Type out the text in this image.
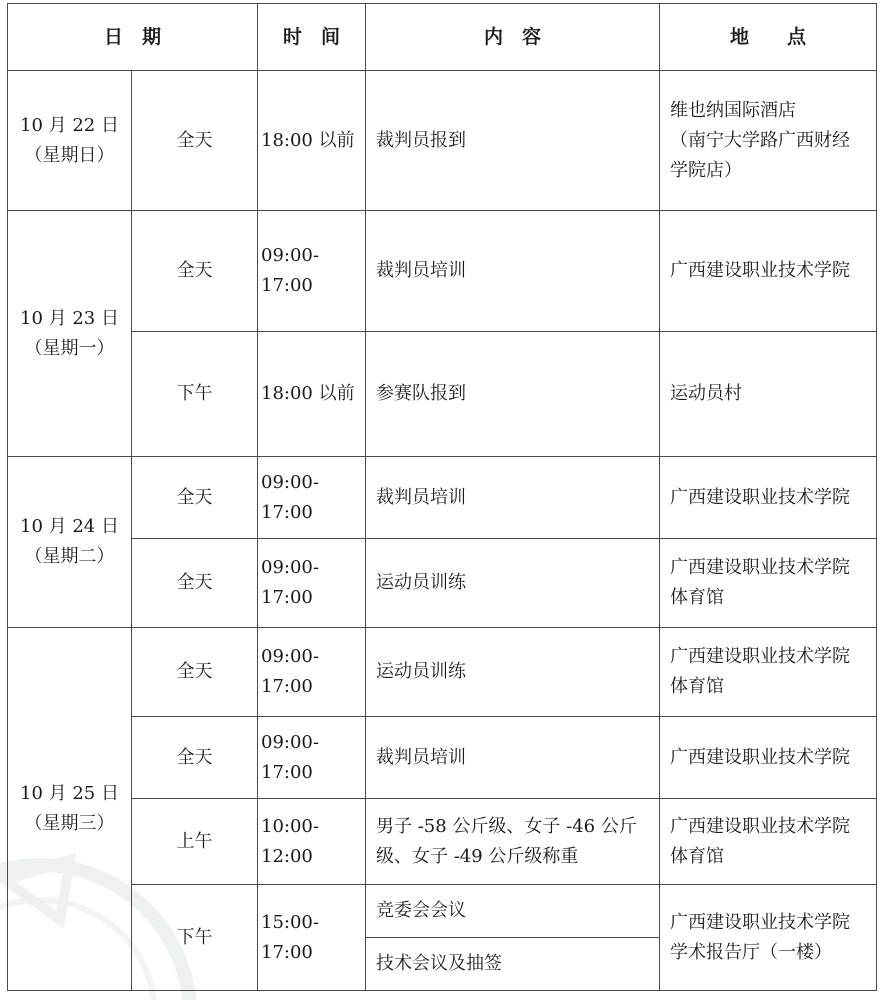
日　期		时　间	内　容	地　　点
10 月 22 日
（星期日）	全天	18:00 以前	裁判员报到	维也纳国际酒店
（南宁大学路广西财经
学院店）
10 月 23 日
（星期一）	全天	09:00-17:00	裁判员培训	广西建设职业技术学院
	下午	18:00 以前	参赛队报到	运动员村
10 月 24 日
（星期二）	全天	09:00-17:00	裁判员培训	广西建设职业技术学院
	全天	09:00-17:00	运动员训练	广西建设职业技术学院
体育馆
10 月 25 日
（星期三）	全天	09:00-17:00	运动员训练	广西建设职业技术学院
体育馆
	全天	09:00-17:00	裁判员培训	广西建设职业技术学院
	上午	10:00-12:00	男子 -58 公斤级、女子 -46 公斤
级、女子 -49 公斤级称重	广西建设职业技术学院
体育馆
	下午	15:00-17:00	竞委会会议	广西建设职业技术学院
学术报告厅（一楼）
			技术会议及抽签	
